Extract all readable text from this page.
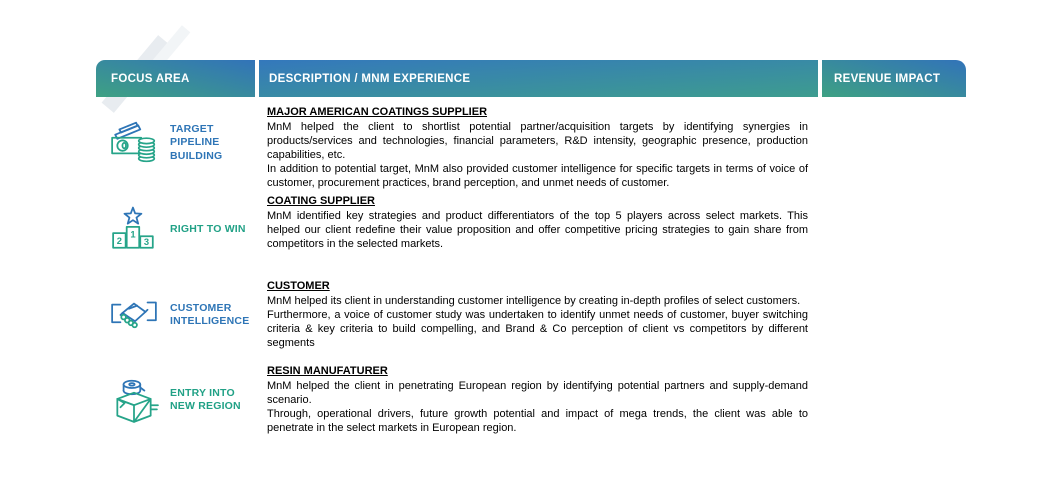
FOCUS AREA	DESCRIPTION / MNM EXPERIENCE	REVENUE IMPACT
TARGET PIPELINE BUILDING
MAJOR AMERICAN COATINGS SUPPLIER
MnM helped the client to shortlist potential partner/acquisition targets by identifying synergies in products/services and technologies, financial parameters, R&D intensity, geographic presence, production capabilities, etc.
In addition to potential target, MnM also provided customer intelligence for specific targets in terms of voice of customer, procurement practices, brand perception, and unmet needs of customer.
USD 100-120 MN
OVER 3 YEARS
2
1
3
RIGHT TO WIN
COATING SUPPLIER
MnM identified key strategies and product differentiators of the top 5 players across select markets. This helped our client redefine their value proposition and offer competitive pricing strategies to gain share from competitors in the selected markets.
USD 20-30 MN
OVER 3 YEARS
CUSTOMER INTELLIGENCE
CUSTOMER
MnM helped its client in understanding customer intelligence by creating in-depth profiles of select customers.
Furthermore, a voice of customer study was undertaken to identify unmet needs of customer, buyer switching criteria & key criteria to build compelling, and Brand & Co perception of client vs competitors by different segments
~ USD 30 MN
OVER 5 YEARS
ENTRY INTO NEW REGION
RESIN MANUFATURER
MnM helped the client in penetrating European region by identifying potential partners and supply-demand scenario.
Through, operational drivers, future growth potential and impact of mega trends, the client was able to penetrate in the select markets in European region.
~USD 10-15 MN
OVER 2 YEARS
